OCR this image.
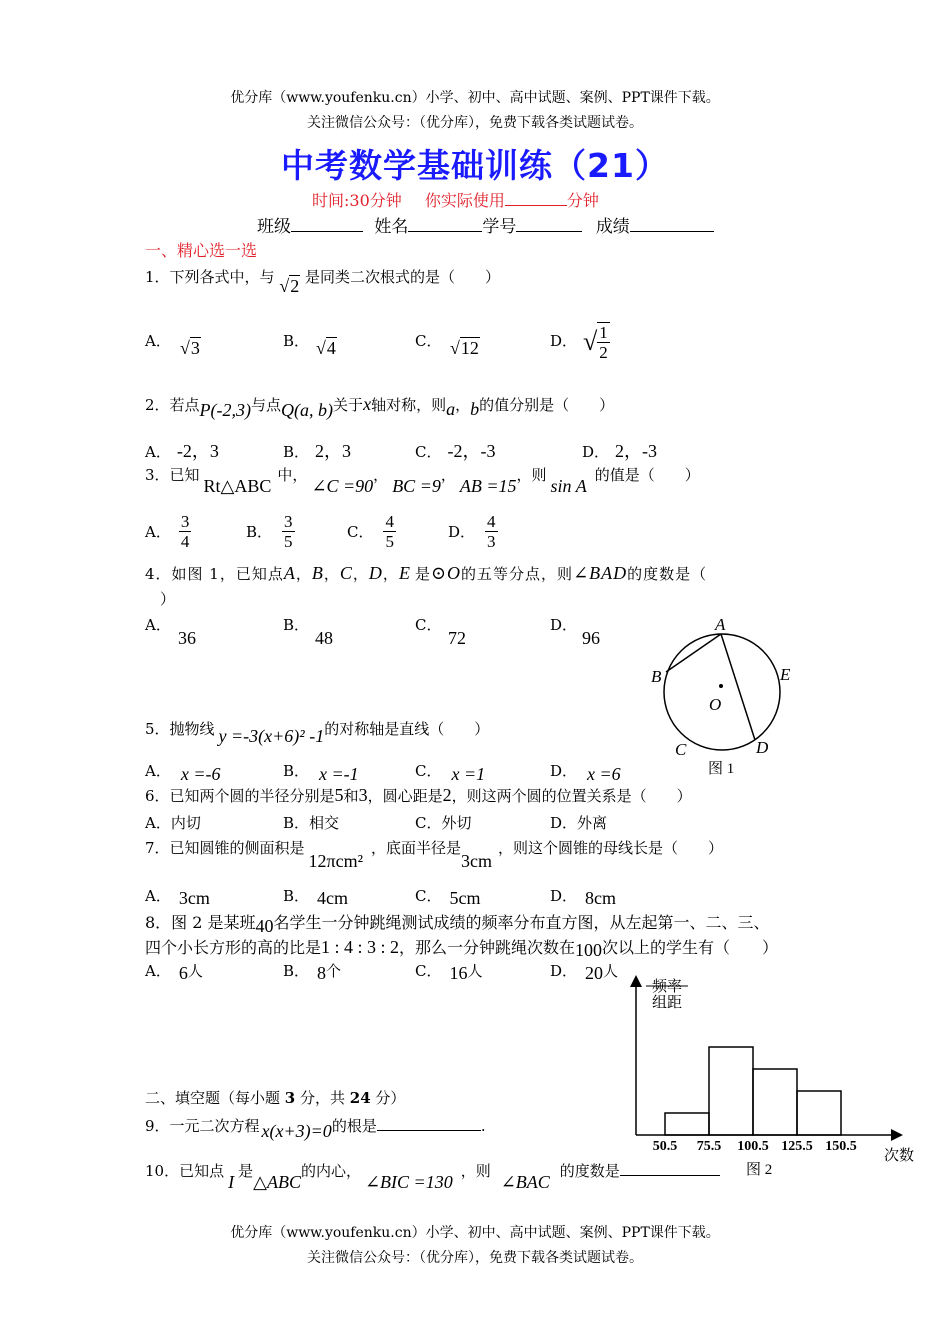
优分库（www.youfenku.cn）小学、初中、高中试题、案例、PPT课件下载。
关注微信公众号：（优分库），免费下载各类试题试卷。
中考数学基础训练（21）
时间:30分钟 你实际使用	分钟
班级	姓名	学号	成绩
一、精心选一选
1．下列各式中，与 √2 是同类二次根式的是（　　）
A． √3	B． √4	C． √12	D． √ $\frac{1}{2}$
2．若点P(-2,3)与点Q(a, b)关于x轴对称，则a，b的值分别是（　　）
A． -2，3	B． 2，3	C． -2，-3	D． 2，-3
3．已知Rt△ABC中，∠C =90，BC =9，AB =15，则sin A的值是（　　）
A． $\frac{3}{4}$	B． $\frac{3}{5}$	C． $\frac{4}{5}$	D． $\frac{4}{3}$
4．如图 1，已知点A，B，C，D，E 是⊙O的五等分点，则∠BAD的度数是（
）
A．
36
B．
48
C．
72
D．
96
A
B	E
O
C	D
图 1
5．抛物线 y =-3(x+6)² -1的对称轴是直线（　　）
A． x =-6	B． x =-1	C． x =1	D． x =6
6．已知两个圆的半径分别是5和3，圆心距是2，则这两个圆的位置关系是（　　）
A．内切	B．相交	C．外切	D．外离
7．已知圆锥的侧面积是12πcm²，底面半径是3cm，则这个圆锥的母线长是（　　）
A． 3cm	B． 4cm	C． 5cm	D． 8cm
8．图 2 是某班40名学生一分钟跳绳测试成绩的频率分布直方图，从左起第一、二、三、
四个小长方形的高的比是1 : 4 : 3 : 2，那么一分钟跳绳次数在100次以上的学生有（　　）
A． 6人	B． 8个	C． 16人	D． 20人
频率
组距
50.5 75.5 100.5 125.5 150.5
次数
图 2
二、填空题（每小题 3 分，共 24 分）
9．一元二次方程 x(x+3)=0的根是	.
10．已知点I是△ABC的内心，∠BIC =130，则∠BAC的度数是
优分库（www.youfenku.cn）小学、初中、高中试题、案例、PPT课件下载。
关注微信公众号：（优分库），免费下载各类试题试卷。
